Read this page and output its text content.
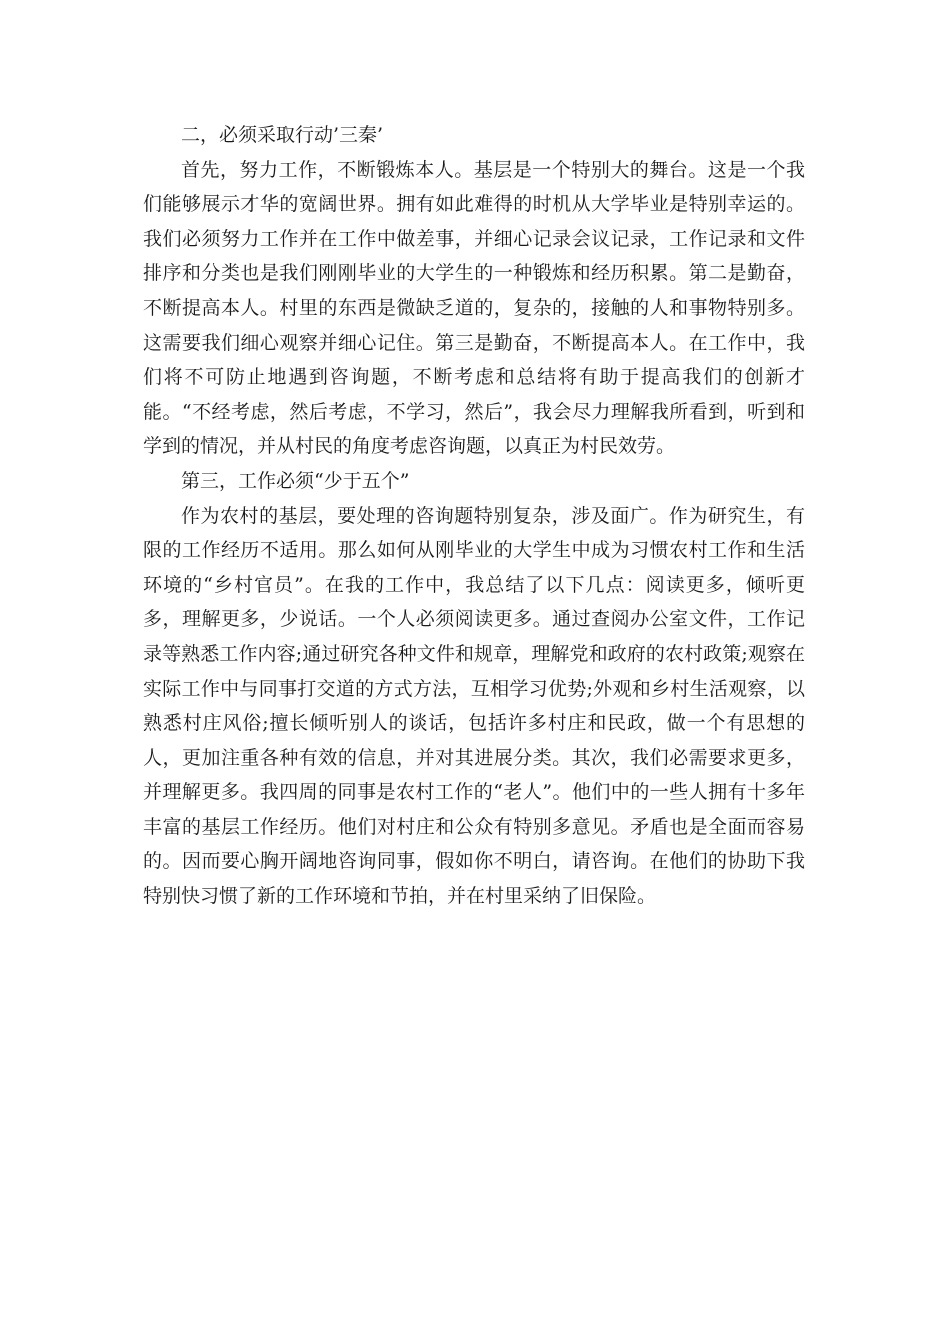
二，必须采取行动’三秦’

首先，努力工作，不断锻炼本人。基层是一个特别大的舞台。这是一个我们能够展示才华的宽阔世界。拥有如此难得的时机从大学毕业是特别幸运的。我们必须努力工作并在工作中做差事，并细心记录会议记录，工作记录和文件排序和分类也是我们刚刚毕业的大学生的一种锻炼和经历积累。第二是勤奋，不断提高本人。村里的东西是微缺乏道的，复杂的，接触的人和事物特别多。这需要我们细心观察并细心记住。第三是勤奋，不断提高本人。在工作中，我们将不可防止地遇到咨询题，不断考虑和总结将有助于提高我们的创新才能。“不经考虑，然后考虑，不学习，然后”，我会尽力理解我所看到，听到和学到的情况，并从村民的角度考虑咨询题，以真正为村民效劳。

第三，工作必须“少于五个”

作为农村的基层，要处理的咨询题特别复杂，涉及面广。作为研究生，有限的工作经历不适用。那么如何从刚毕业的大学生中成为习惯农村工作和生活环境的“乡村官员”。在我的工作中，我总结了以下几点：阅读更多，倾听更多，理解更多，少说话。一个人必须阅读更多。通过查阅办公室文件，工作记录等熟悉工作内容;通过研究各种文件和规章，理解党和政府的农村政策;观察在实际工作中与同事打交道的方式方法，互相学习优势;外观和乡村生活观察，以熟悉村庄风俗;擅长倾听别人的谈话，包括许多村庄和民政，做一个有思想的人，更加注重各种有效的信息，并对其进展分类。其次，我们必需要求更多，并理解更多。我四周的同事是农村工作的“老人”。他们中的一些人拥有十多年丰富的基层工作经历。他们对村庄和公众有特别多意见。矛盾也是全面而容易的。因而要心胸开阔地咨询同事，假如你不明白，请咨询。在他们的协助下我特别快习惯了新的工作环境和节拍，并在村里采纳了旧保险。
